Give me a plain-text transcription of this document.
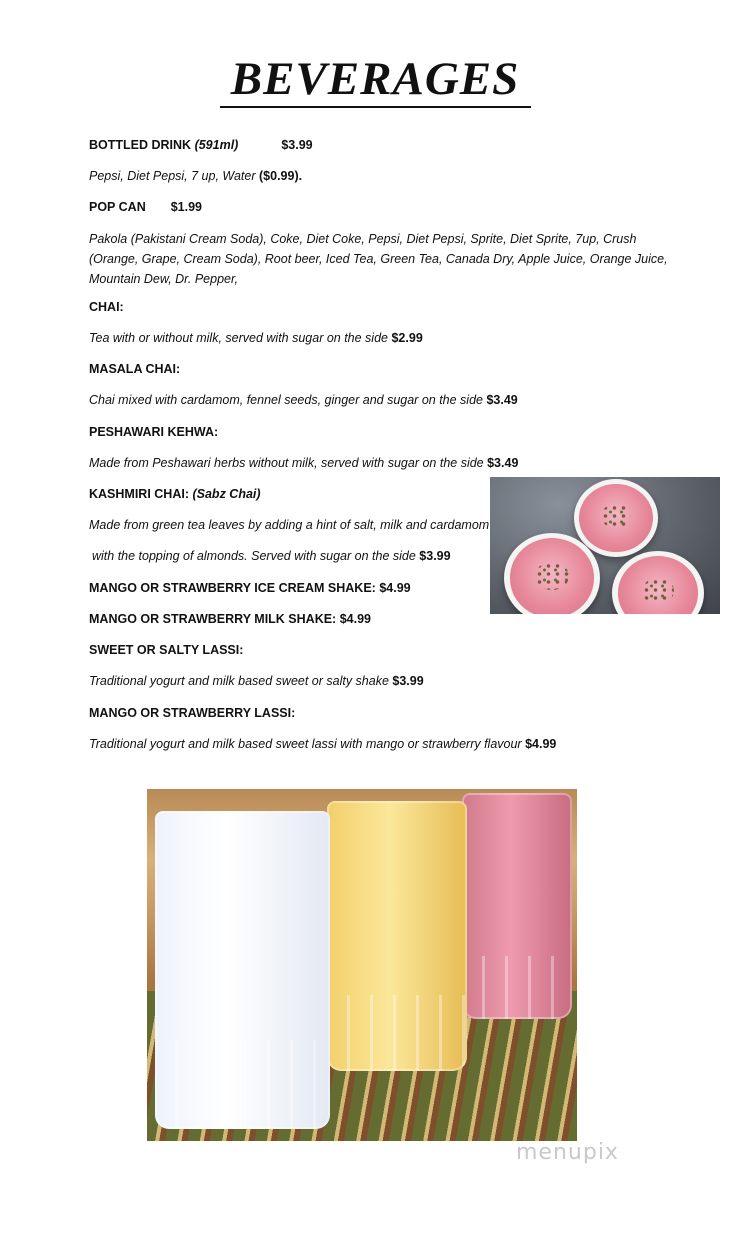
BEVERAGES
BOTTLED DRINK (591ml)	$3.99
Pepsi, Diet Pepsi, 7 up, Water ($0.99).
POP CAN $1.99
Pakola (Pakistani Cream Soda), Coke, Diet Coke, Pepsi, Diet Pepsi, Sprite, Diet Sprite, 7up, Crush (Orange, Grape, Cream Soda), Root beer, Iced Tea, Green Tea, Canada Dry, Apple Juice, Orange Juice, Mountain Dew, Dr. Pepper,
CHAI:
Tea with or without milk, served with sugar on the side $2.99
MASALA CHAI:
Chai mixed with cardamom, fennel seeds, ginger and sugar on the side $3.49
PESHAWARI KEHWA:
Made from Peshawari herbs without milk, served with sugar on the side $3.49
KASHMIRI CHAI: (Sabz Chai)
Made from green tea leaves by adding a hint of salt, milk and cardamom
with the topping of almonds. Served with sugar on the side $3.99
MANGO OR STRAWBERRY ICE CREAM SHAKE: $4.99
MANGO OR STRAWBERRY MILK SHAKE: $4.99
SWEET OR SALTY LASSI:
Traditional yogurt and milk based sweet or salty shake $3.99
MANGO OR STRAWBERRY LASSI:
Traditional yogurt and milk based sweet lassi with mango or strawberry flavour $4.99
menupix
